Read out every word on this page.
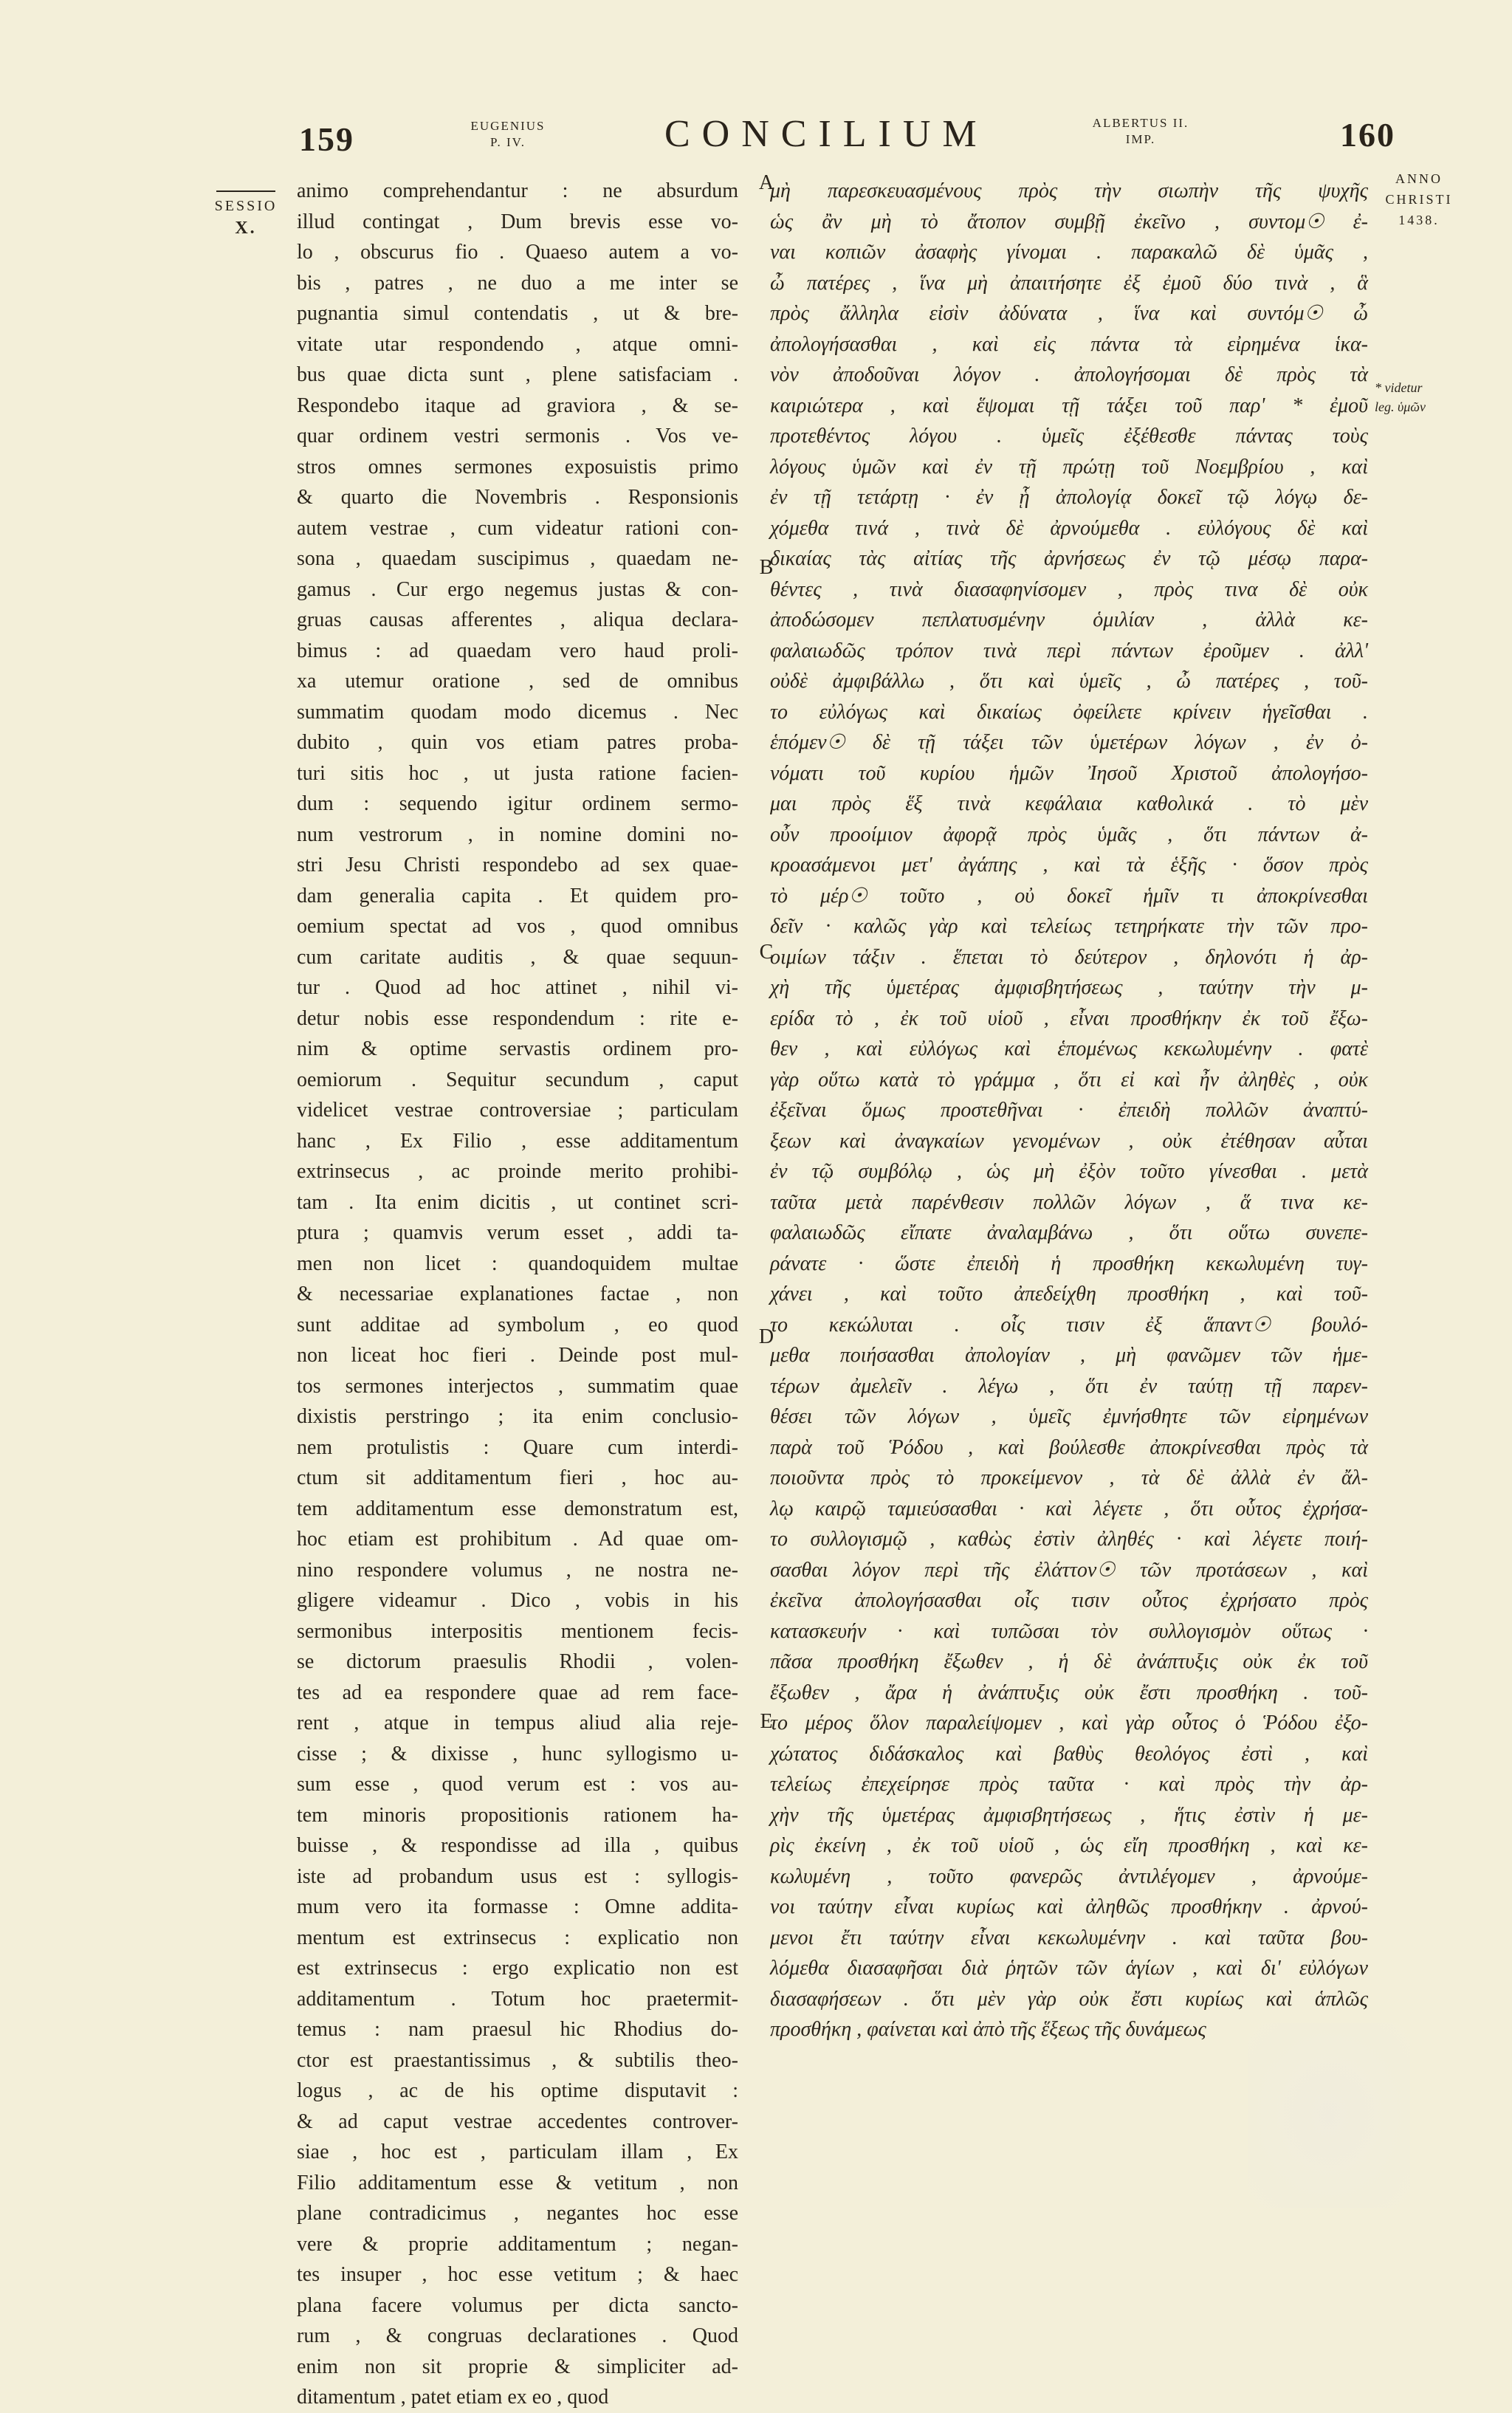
159	EUGENIUS
P. IV.	CONCILIUM	ALBERTUS II.
IMP.	160
SESSIO
X.
ANNO
CHRISTI
1438.
* videtur
leg. ὑμῶν
A
B
C
D
E
animo comprehendantur : ne absurdum
illud contingat , Dum brevis esse vo-
lo , obscurus fio . Quaeso autem a vo-
bis , patres , ne duo a me inter se
pugnantia simul contendatis , ut & bre-
vitate utar respondendo , atque omni-
bus quae dicta sunt , plene satisfaciam .
Respondebo itaque ad graviora , & se-
quar ordinem vestri sermonis . Vos ve-
stros omnes sermones exposuistis primo
& quarto die Novembris . Responsionis
autem vestrae , cum videatur rationi con-
sona , quaedam suscipimus , quaedam ne-
gamus . Cur ergo negemus justas & con-
gruas causas afferentes , aliqua declara-
bimus : ad quaedam vero haud proli-
xa utemur oratione , sed de omnibus
summatim quodam modo dicemus . Nec
dubito , quin vos etiam patres proba-
turi sitis hoc , ut justa ratione facien-
dum : sequendo igitur ordinem sermo-
num vestrorum , in nomine domini no-
stri Jesu Christi respondebo ad sex quae-
dam generalia capita . Et quidem pro-
oemium spectat ad vos , quod omnibus
cum caritate auditis , & quae sequun-
tur . Quod ad hoc attinet , nihil vi-
detur nobis esse respondendum : rite e-
nim & optime servastis ordinem pro-
oemiorum . Sequitur secundum , caput
videlicet vestrae controversiae ; particulam
hanc , Ex Filio , esse additamentum
extrinsecus , ac proinde merito prohibi-
tam . Ita enim dicitis , ut continet scri-
ptura ; quamvis verum esset , addi ta-
men non licet : quandoquidem multae
& necessariae explanationes factae , non
sunt additae ad symbolum , eo quod
non liceat hoc fieri . Deinde post mul-
tos sermones interjectos , summatim quae
dixistis perstringo ; ita enim conclusio-
nem protulistis : Quare cum interdi-
ctum sit additamentum fieri , hoc au-
tem additamentum esse demonstratum est,
hoc etiam est prohibitum . Ad quae om-
nino respondere volumus , ne nostra ne-
gligere videamur . Dico , vobis in his
sermonibus interpositis mentionem fecis-
se dictorum praesulis Rhodii , volen-
tes ad ea respondere quae ad rem face-
rent , atque in tempus aliud alia reje-
cisse ; & dixisse , hunc syllogismo u-
sum esse , quod verum est : vos au-
tem minoris propositionis rationem ha-
buisse , & respondisse ad illa , quibus
iste ad probandum usus est : syllogis-
mum vero ita formasse : Omne addita-
mentum est extrinsecus : explicatio non
est extrinsecus : ergo explicatio non est
additamentum . Totum hoc praetermit-
temus : nam praesul hic Rhodius do-
ctor est praestantissimus , & subtilis theo-
logus , ac de his optime disputavit :
& ad caput vestrae accedentes controver-
siae , hoc est , particulam illam , Ex
Filio additamentum esse & vetitum , non
plane contradicimus , negantes hoc esse
vere & proprie additamentum ; negan-
tes insuper , hoc esse vetitum ; & haec
plana facere volumus per dicta sancto-
rum , & congruas declarationes . Quod
enim non sit proprie & simpliciter ad-
ditamentum , patet etiam ex eo , quod
μὴ παρεσκευασμένους πρὸς τὴν σιωπὴν τῆς ψυχῆς
ὡς ἂν μὴ τὸ ἄτοπον συμβῇ ἐκεῖνο , συντομ☉ ἐ-
ναι κοπιῶν ἀσαφὴς γίνομαι . παρακαλῶ δὲ ὑμᾶς ,
ὦ πατέρες , ἵνα μὴ ἀπαιτήσητε ἐξ ἐμοῦ δύο τινὰ , ἃ
πρὸς ἄλληλα εἰσὶν ἀδύνατα , ἵνα καὶ συντόμ☉ ὦ
ἀπολογήσασθαι , καὶ εἰς πάντα τὰ εἰρημένα ἱκα-
νὸν ἀποδοῦναι λόγον . ἀπολογήσομαι δὲ πρὸς τὰ
καιριώτερα , καὶ ἕψομαι τῇ τάξει τοῦ παρ' * ἐμοῦ
προτεθέντος λόγου . ὑμεῖς ἐξέθεσθε πάντας τοὺς
λόγους ὑμῶν καὶ ἐν τῇ πρώτῃ τοῦ Νοεμβρίου , καὶ
ἐν τῇ τετάρτῃ · ἐν ᾗ ἀπολογίᾳ δοκεῖ τῷ λόγῳ δε-
χόμεθα τινά , τινὰ δὲ ἀρνούμεθα . εὐλόγους δὲ καὶ
δικαίας τὰς αἰτίας τῆς ἀρνήσεως ἐν τῷ μέσῳ παρα-
θέντες , τινὰ διασαφηνίσομεν , πρὸς τινα δὲ οὐκ
ἀποδώσομεν πεπλατυσμένην ὁμιλίαν , ἀλλὰ κε-
φαλαιωδῶς τρόπον τινὰ περὶ πάντων ἐροῦμεν . ἀλλ'
οὐδὲ ἀμφιβάλλω , ὅτι καὶ ὑμεῖς , ὦ πατέρες , τοῦ-
το εὐλόγως καὶ δικαίως ὀφείλετε κρίνειν ἡγεῖσθαι .
ἑπόμεν☉ δὲ τῇ τάξει τῶν ὑμετέρων λόγων , ἐν ὀ-
νόματι τοῦ κυρίου ἡμῶν Ἰησοῦ Χριστοῦ ἀπολογήσο-
μαι πρὸς ἕξ τινὰ κεφάλαια καθολικά . τὸ μὲν
οὖν προοίμιον ἀφορᾷ πρὸς ὑμᾶς , ὅτι πάντων ἀ-
κροασάμενοι μετ' ἀγάπης , καὶ τὰ ἑξῆς · ὅσον πρὸς
τὸ μέρ☉ τοῦτο , οὐ δοκεῖ ἡμῖν τι ἀποκρίνεσθαι
δεῖν · καλῶς γὰρ καὶ τελείως τετηρήκατε τὴν τῶν προ-
οιμίων τάξιν . ἕπεται τὸ δεύτερον , δηλονότι ἡ ἀρ-
χὴ τῆς ὑμετέρας ἀμφισβητήσεως , ταύτην τὴν μ-
ερίδα τὸ , ἐκ τοῦ υἱοῦ , εἶναι προσθήκην ἐκ τοῦ ἔξω-
θεν , καὶ εὐλόγως καὶ ἑπομένως κεκωλυμένην . φατὲ
γὰρ οὕτω κατὰ τὸ γράμμα , ὅτι εἰ καὶ ἦν ἀληθὲς , οὐκ
ἐξεῖναι ὅμως προστεθῆναι · ἐπειδὴ πολλῶν ἀναπτύ-
ξεων καὶ ἀναγκαίων γενομένων , οὐκ ἐτέθησαν αὗται
ἐν τῷ συμβόλῳ , ὡς μὴ ἐξὸν τοῦτο γίνεσθαι . μετὰ
ταῦτα μετὰ παρένθεσιν πολλῶν λόγων , ἅ τινα κε-
φαλαιωδῶς εἴπατε ἀναλαμβάνω , ὅτι οὕτω συνεπε-
ράνατε · ὥστε ἐπειδὴ ἡ προσθήκη κεκωλυμένη τυγ-
χάνει , καὶ τοῦτο ἀπεδείχθη προσθήκη , καὶ τοῦ-
το κεκώλυται . οἷς τισιν ἐξ ἅπαντ☉ βουλό-
μεθα ποιήσασθαι ἀπολογίαν , μὴ φανῶμεν τῶν ἡμε-
τέρων ἀμελεῖν . λέγω , ὅτι ἐν ταύτῃ τῇ παρεν-
θέσει τῶν λόγων , ὑμεῖς ἐμνήσθητε τῶν εἰρημένων
παρὰ τοῦ Ῥόδου , καὶ βούλεσθε ἀποκρίνεσθαι πρὸς τὰ
ποιοῦντα πρὸς τὸ προκείμενον , τὰ δὲ ἀλλὰ ἐν ἄλ-
λῳ καιρῷ ταμιεύσασθαι · καὶ λέγετε , ὅτι οὗτος ἐχρήσα-
το συλλογισμῷ , καθὼς ἐστὶν ἀληθές · καὶ λέγετε ποιή-
σασθαι λόγον περὶ τῆς ἐλάττον☉ τῶν προτάσεων , καὶ
ἐκεῖνα ἀπολογήσασθαι οἷς τισιν οὗτος ἐχρήσατο πρὸς
κατασκευήν · καὶ τυπῶσαι τὸν συλλογισμὸν οὕτως ·
πᾶσα προσθήκη ἔξωθεν , ἡ δὲ ἀνάπτυξις οὐκ ἐκ τοῦ
ἔξωθεν , ἄρα ἡ ἀνάπτυξις οὐκ ἔστι προσθήκη . τοῦ-
το μέρος ὅλον παραλείψομεν , καὶ γὰρ οὗτος ὁ Ῥόδου ἐξο-
χώτατος διδάσκαλος καὶ βαθὺς θεολόγος ἐστὶ , καὶ
τελείως ἐπεχείρησε πρὸς ταῦτα · καὶ πρὸς τὴν ἀρ-
χὴν τῆς ὑμετέρας ἀμφισβητήσεως , ἥτις ἐστὶν ἡ με-
ρὶς ἐκείνη , ἐκ τοῦ υἱοῦ , ὡς εἴη προσθήκη , καὶ κε-
κωλυμένη , τοῦτο φανερῶς ἀντιλέγομεν , ἀρνούμε-
νοι ταύτην εἶναι κυρίως καὶ ἀληθῶς προσθήκην . ἀρνού-
μενοι ἔτι ταύτην εἶναι κεκωλυμένην . καὶ ταῦτα βου-
λόμεθα διασαφῆσαι διὰ ῥητῶν τῶν ἁγίων , καὶ δι' εὐλόγων
διασαφήσεων . ὅτι μὲν γὰρ οὐκ ἔστι κυρίως καὶ ἁπλῶς
προσθήκη , φαίνεται καὶ ἀπὸ τῆς ἕξεως τῆς δυνάμεως
